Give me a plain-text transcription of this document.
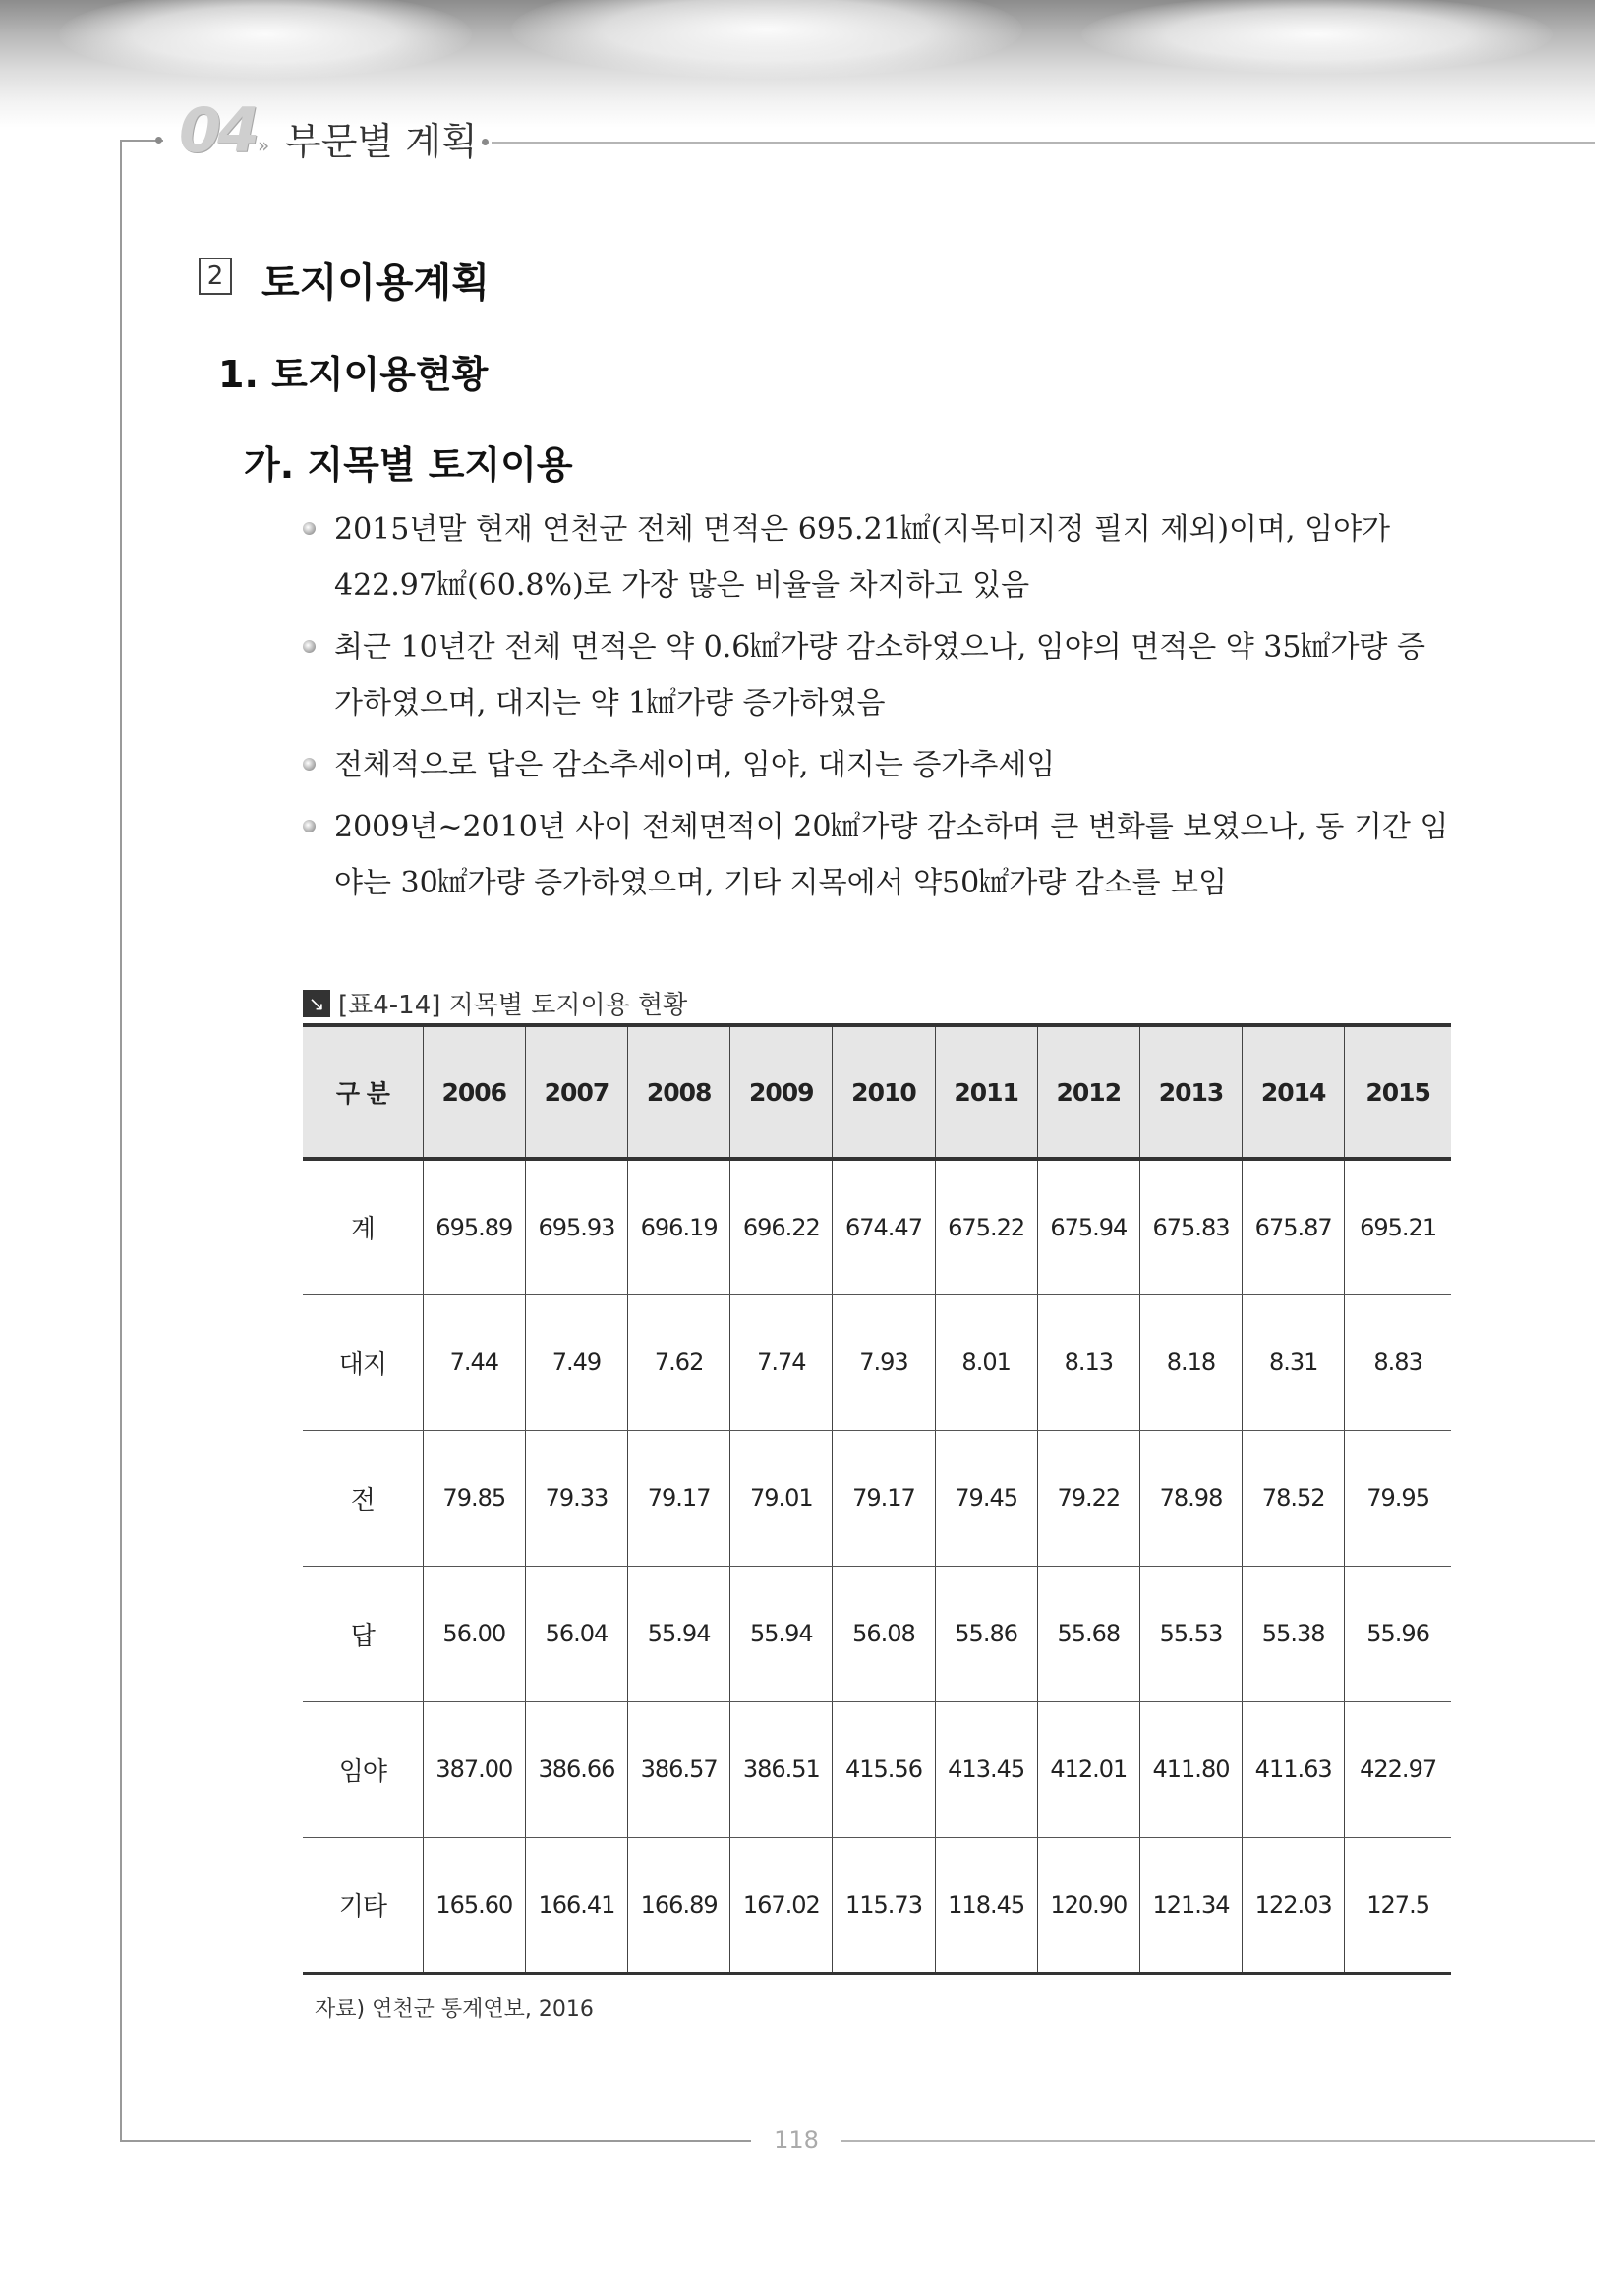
04 » 부문별 계획
2 토지이용계획
1. 토지이용현황
가. 지목별 토지이용
2015년말 현재 연천군 전체 면적은 695.21㎢(지목미지정 필지 제외)이며, 임야가 422.97㎢(60.8%)로 가장 많은 비율을 차지하고 있음
최근 10년간 전체 면적은 약 0.6㎢가량 감소하였으나, 임야의 면적은 약 35㎢가량 증가하였으며, 대지는 약 1㎢가량 증가하였음
전체적으로 답은 감소추세이며, 임야, 대지는 증가추세임
2009년~2010년 사이 전체면적이 20㎢가량 감소하며 큰 변화를 보였으나, 동 기간 임야는 30㎢가량 증가하였으며, 기타 지목에서 약50㎢가량 감소를 보임
↘ [표4-14] 지목별 토지이용 현황
구 분	2006	2007	2008	2009	2010	2011	2012	2013	2014	2015
계	695.89	695.93	696.19	696.22	674.47	675.22	675.94	675.83	675.87	695.21
대지	7.44	7.49	7.62	7.74	7.93	8.01	8.13	8.18	8.31	8.83
전	79.85	79.33	79.17	79.01	79.17	79.45	79.22	78.98	78.52	79.95
답	56.00	56.04	55.94	55.94	56.08	55.86	55.68	55.53	55.38	55.96
임야	387.00	386.66	386.57	386.51	415.56	413.45	412.01	411.80	411.63	422.97
기타	165.60	166.41	166.89	167.02	115.73	118.45	120.90	121.34	122.03	127.5
자료) 연천군 통계연보, 2016
118
